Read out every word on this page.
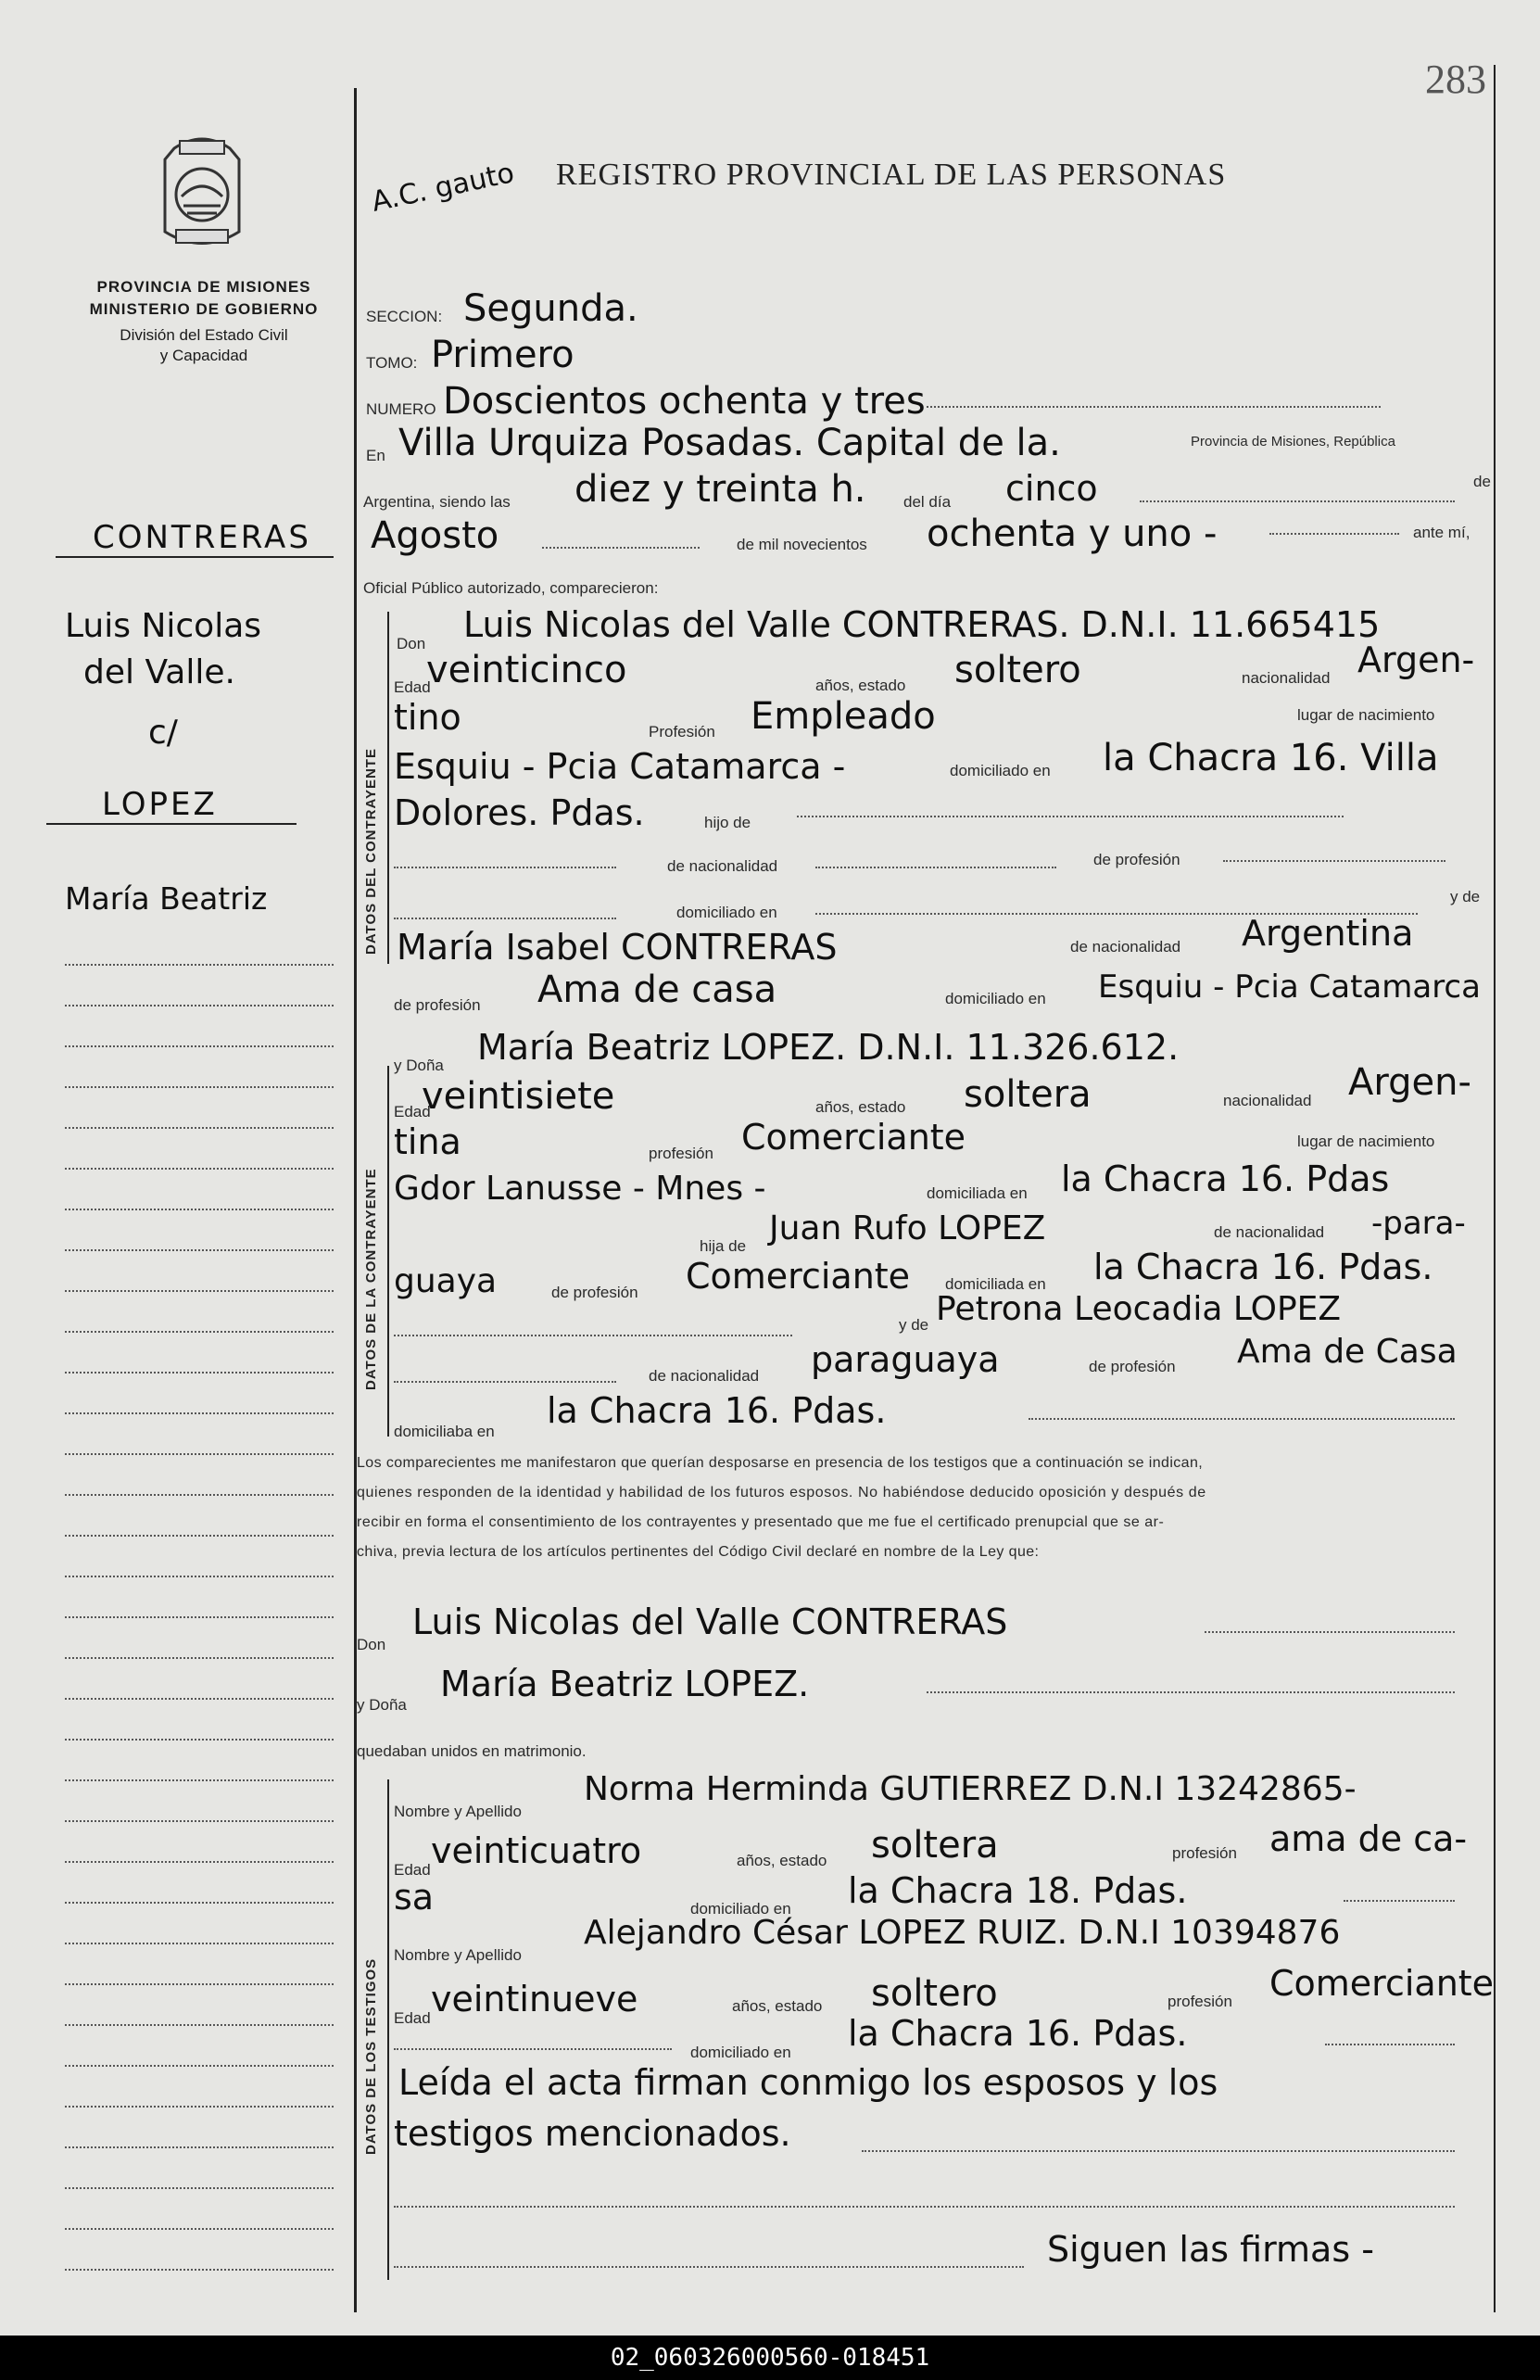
283
PROVINCIA DE MISIONES
MINISTERIO DE GOBIERNO
División del Estado Civil
y Capacidad
A.C. gauto REGISTRO PROVINCIAL DE LAS PERSONAS
CONTRERAS
Luis Nicolas
del Valle.
c/
LOPEZ
María Beatriz
SECCION: Segunda.
TOMO: Primero
NUMERO Doscientos ochenta y tres
En Villa Urquiza Posadas. Capital de la.	Provincia de Misiones, República
Argentina, siendo las diez y treinta h. del día cinco	de
Agosto	de mil novecientos ochenta y uno -	ante mí,
Oficial Público autorizado, comparecieron:
DATOS DEL CONTRAYENTE
Don Luis Nicolas del Valle CONTRERAS. D.N.I. 11.665415
Edad
veinticinco	años, estado soltero	nacionalidad Argen-
tino	Profesión Empleado	lugar de nacimiento
Esquiu - Pcia Catamarca -	domiciliado en la Chacra 16. Villa
Dolores. Pdas.	hijo de
de nacionalidad	de profesión
domiciliado en
y de
María Isabel CONTRERAS	de nacionalidad Argentina
de profesión Ama de casa	domiciliado en Esquiu - Pcia Catamarca
DATOS DE LA CONTRAYENTE
y Doña María Beatriz LOPEZ. D.N.I. 11.326.612.
Edad
veintisiete	años, estado soltera	nacionalidad Argen-
tina	profesión Comerciante	lugar de nacimiento
Gdor Lanusse - Mnes -	domiciliada en la Chacra 16. Pdas
hija de Juan Rufo LOPEZ	de nacionalidad -para-
guaya	de profesión Comerciante domiciliada en la Chacra 16. Pdas.
y de Petrona Leocadia LOPEZ
de nacionalidad paraguaya	de profesión Ama de Casa
domiciliaba en
la Chacra 16. Pdas.
Los comparecientes me manifestaron que querían desposarse en presencia de los testigos que a continuación se indican,
quienes responden de la identidad y habilidad de los futuros esposos. No habiéndose deducido oposición y después de
recibir en forma el consentimiento de los contrayentes y presentado que me fue el certificado prenupcial que se ar-
chiva, previa lectura de los artículos pertinentes del Código Civil declaré en nombre de la Ley que:
Don
Luis Nicolas del Valle CONTRERAS
y Doña
María Beatriz LOPEZ.
quedaban unidos en matrimonio.
DATOS DE LOS TESTIGOS
Nombre y Apellido
Norma Herminda GUTIERREZ D.N.I 13242865-
Edad veinticuatro	años, estado soltera	profesión ama de ca-
sa	domiciliado en la Chacra 18. Pdas.
Nombre y Apellido
Alejandro César LOPEZ RUIZ. D.N.I 10394876
Edad veintinueve	años, estado soltero	profesión Comerciante
domiciliado en la Chacra 16. Pdas.
Leída el acta firman conmigo los esposos y los
testigos mencionados.
Siguen las firmas -
02_060326000560-018451
